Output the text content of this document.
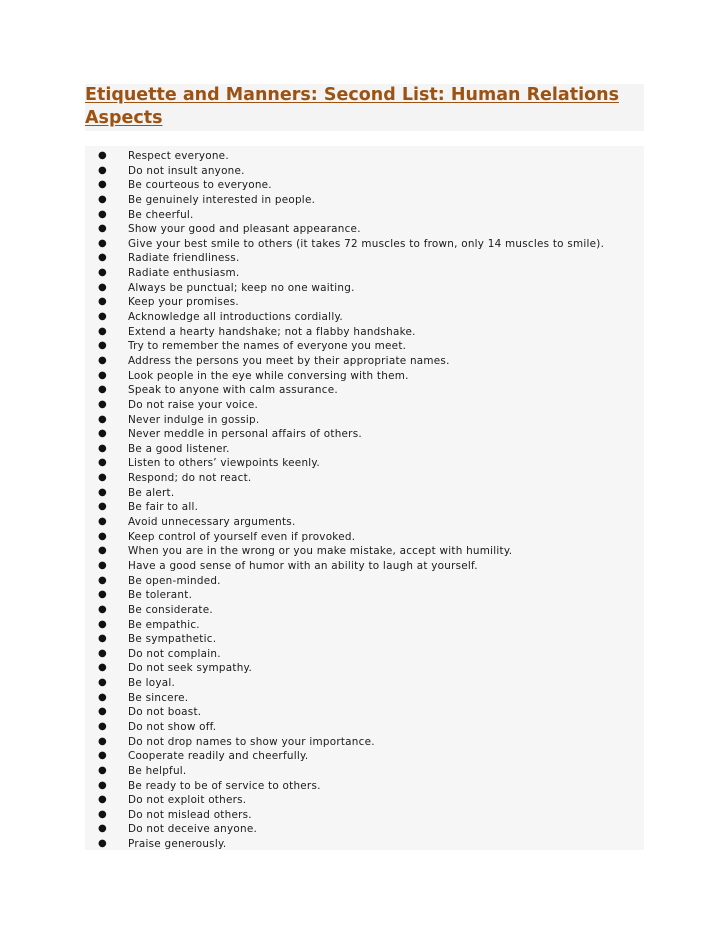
Etiquette and Manners: Second List: Human Relations Aspects
● Respect everyone.
● Do not insult anyone.
● Be courteous to everyone.
● Be genuinely interested in people.
● Be cheerful.
● Show your good and pleasant appearance.
● Give your best smile to others (it takes 72 muscles to frown, only 14 muscles to smile).
● Radiate friendliness.
● Radiate enthusiasm.
● Always be punctual; keep no one waiting.
● Keep your promises.
● Acknowledge all introductions cordially.
● Extend a hearty handshake; not a flabby handshake.
● Try to remember the names of everyone you meet.
● Address the persons you meet by their appropriate names.
● Look people in the eye while conversing with them.
● Speak to anyone with calm assurance.
● Do not raise your voice.
● Never indulge in gossip.
● Never meddle in personal affairs of others.
● Be a good listener.
● Listen to others’ viewpoints keenly.
● Respond; do not react.
● Be alert.
● Be fair to all.
● Avoid unnecessary arguments.
● Keep control of yourself even if provoked.
● When you are in the wrong or you make mistake, accept with humility.
● Have a good sense of humor with an ability to laugh at yourself.
● Be open-minded.
● Be tolerant.
● Be considerate.
● Be empathic.
● Be sympathetic.
● Do not complain.
● Do not seek sympathy.
● Be loyal.
● Be sincere.
● Do not boast.
● Do not show off.
● Do not drop names to show your importance.
● Cooperate readily and cheerfully.
● Be helpful.
● Be ready to be of service to others.
● Do not exploit others.
● Do not mislead others.
● Do not deceive anyone.
● Praise generously.
